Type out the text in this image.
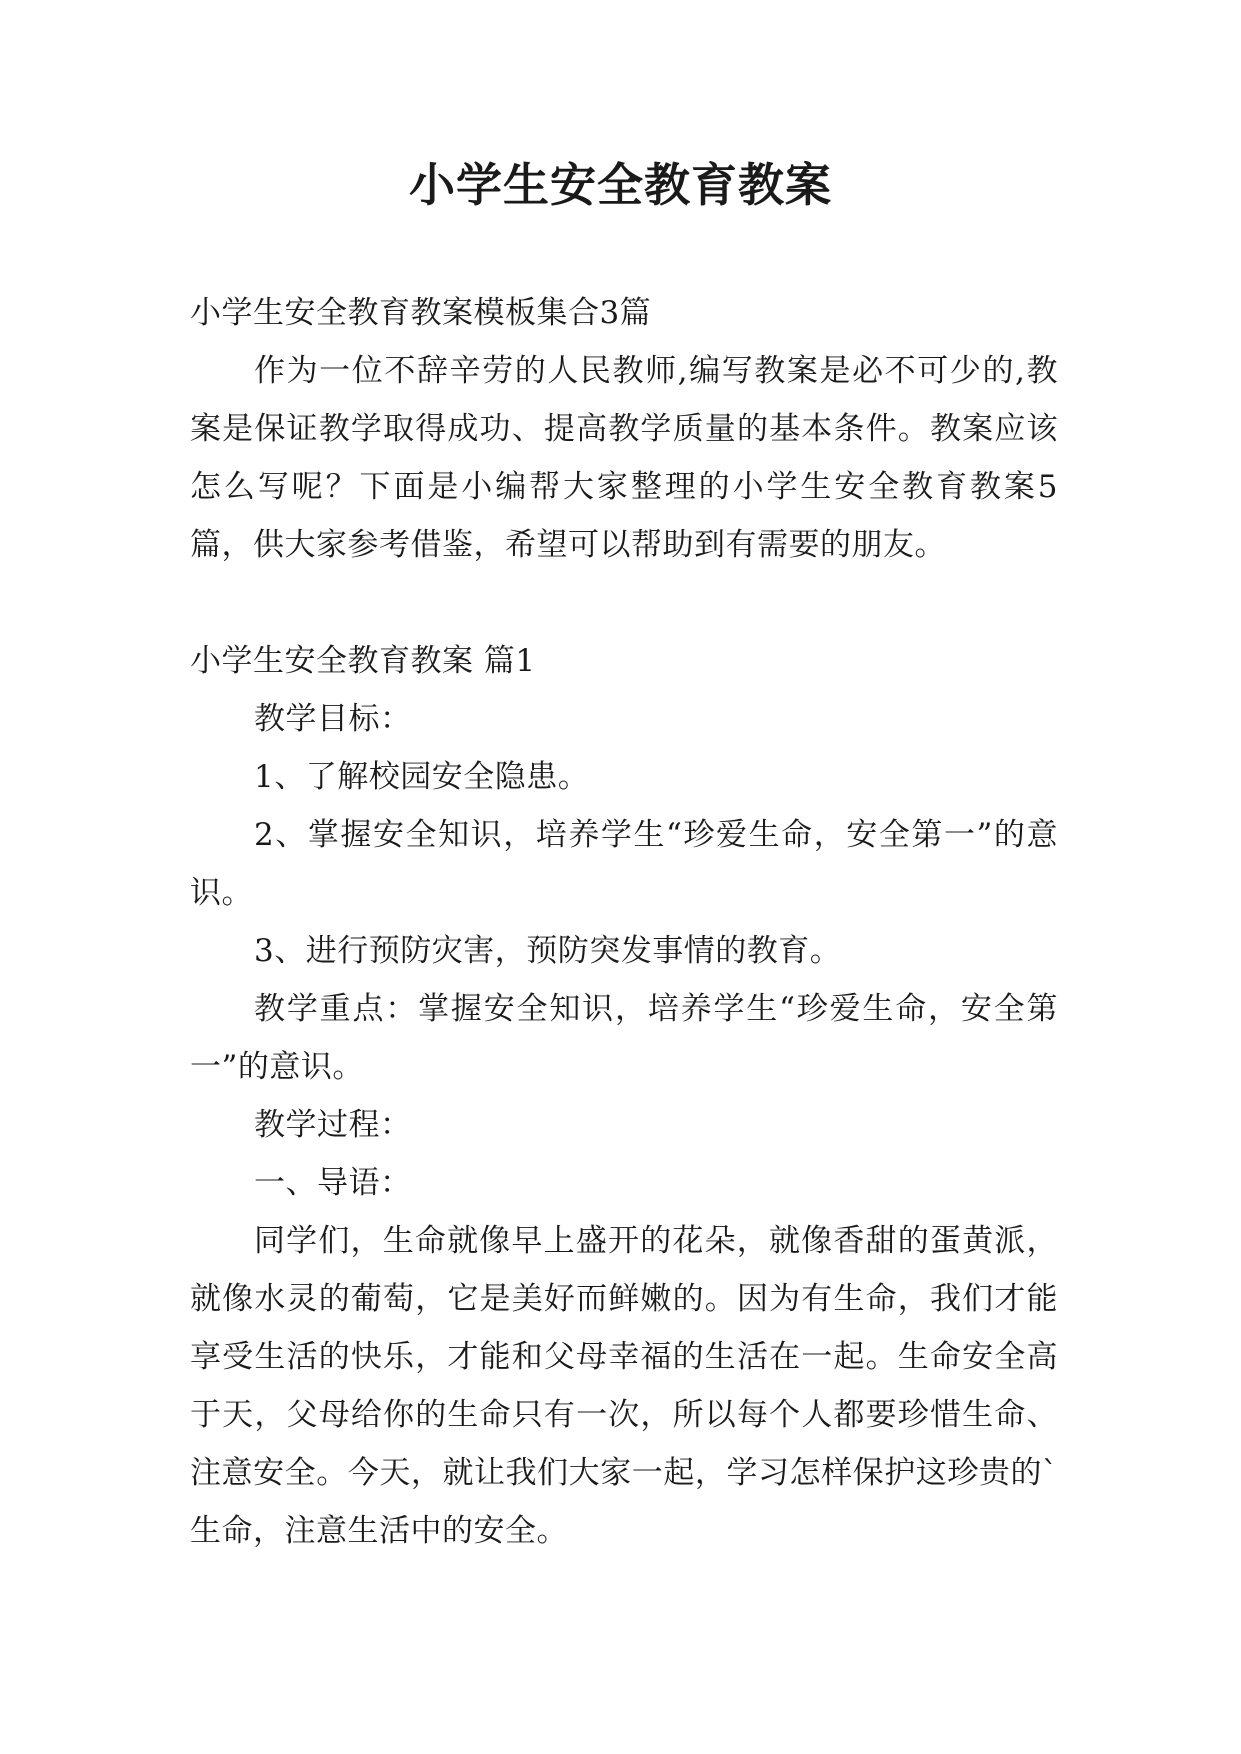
小学生安全教育教案

小学生安全教育教案模板集合3篇

作为一位不辞辛劳的人民教师,编写教案是必不可少的,教案是保证教学取得成功、提高教学质量的基本条件。教案应该怎么写呢？下面是小编帮大家整理的小学生安全教育教案5篇，供大家参考借鉴，希望可以帮助到有需要的朋友。

小学生安全教育教案 篇1

教学目标：

1、了解校园安全隐患。

2、掌握安全知识，培养学生“珍爱生命，安全第一”的意识。

3、进行预防灾害，预防突发事情的教育。

教学重点：掌握安全知识，培养学生“珍爱生命，安全第一”的意识。

教学过程：

一、导语：

同学们，生命就像早上盛开的花朵，就像香甜的蛋黄派，就像水灵的葡萄，它是美好而鲜嫩的。因为有生命，我们才能享受生活的快乐，才能和父母幸福的生活在一起。生命安全高于天，父母给你的生命只有一次，所以每个人都要珍惜生命、注意安全。今天，就让我们大家一起，学习怎样保护这珍贵的`生命，注意生活中的安全。
